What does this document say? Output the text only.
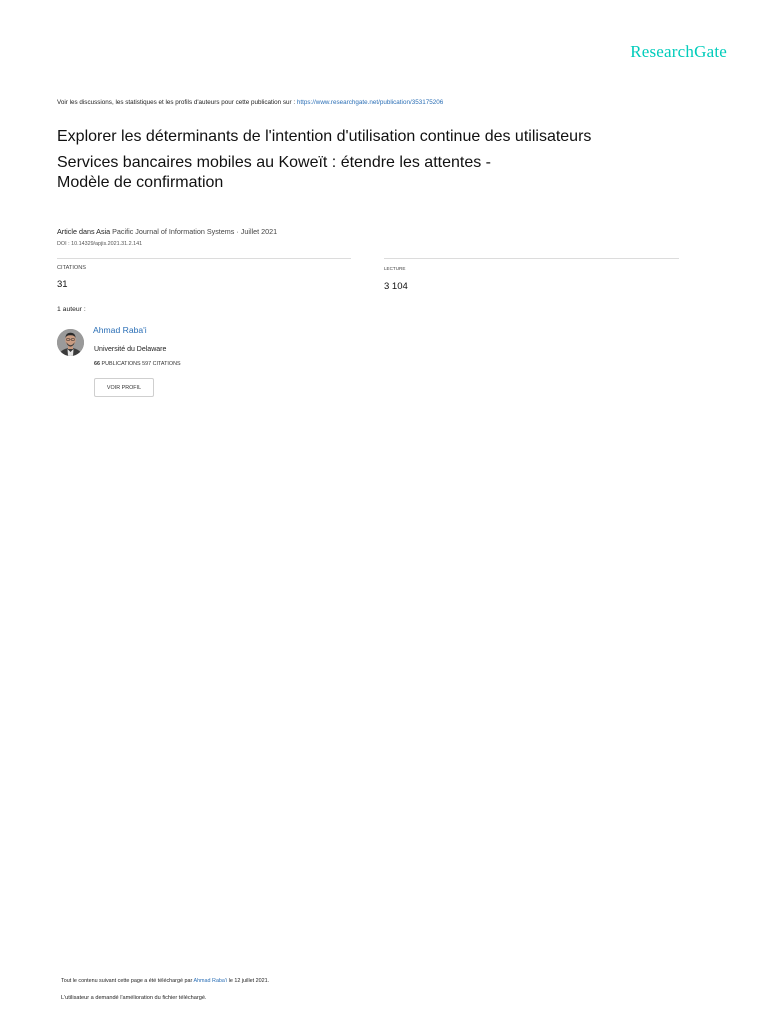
ResearchGate
Voir les discussions, les statistiques et les profils d'auteurs pour cette publication sur : https://www.researchgate.net/publication/353175206
Explorer les déterminants de l'intention d'utilisation continue des utilisateurs
Services bancaires mobiles au Koweït : étendre les attentes -
Modèle de confirmation
Article dans Asia Pacific Journal of Information Systems · Juillet 2021
DOI : 10.14329/apjis.2021.31.2.141
CITATIONS
31
LECTURE
3 104
1 auteur :
Ahmad Raba'i
Université du Delaware
66 PUBLICATIONS 597 CITATIONS
VOIR PROFIL
Tout le contenu suivant cette page a été téléchargé par Ahmad Raba'i le 12 juillet 2021.
L'utilisateur a demandé l'amélioration du fichier téléchargé.
